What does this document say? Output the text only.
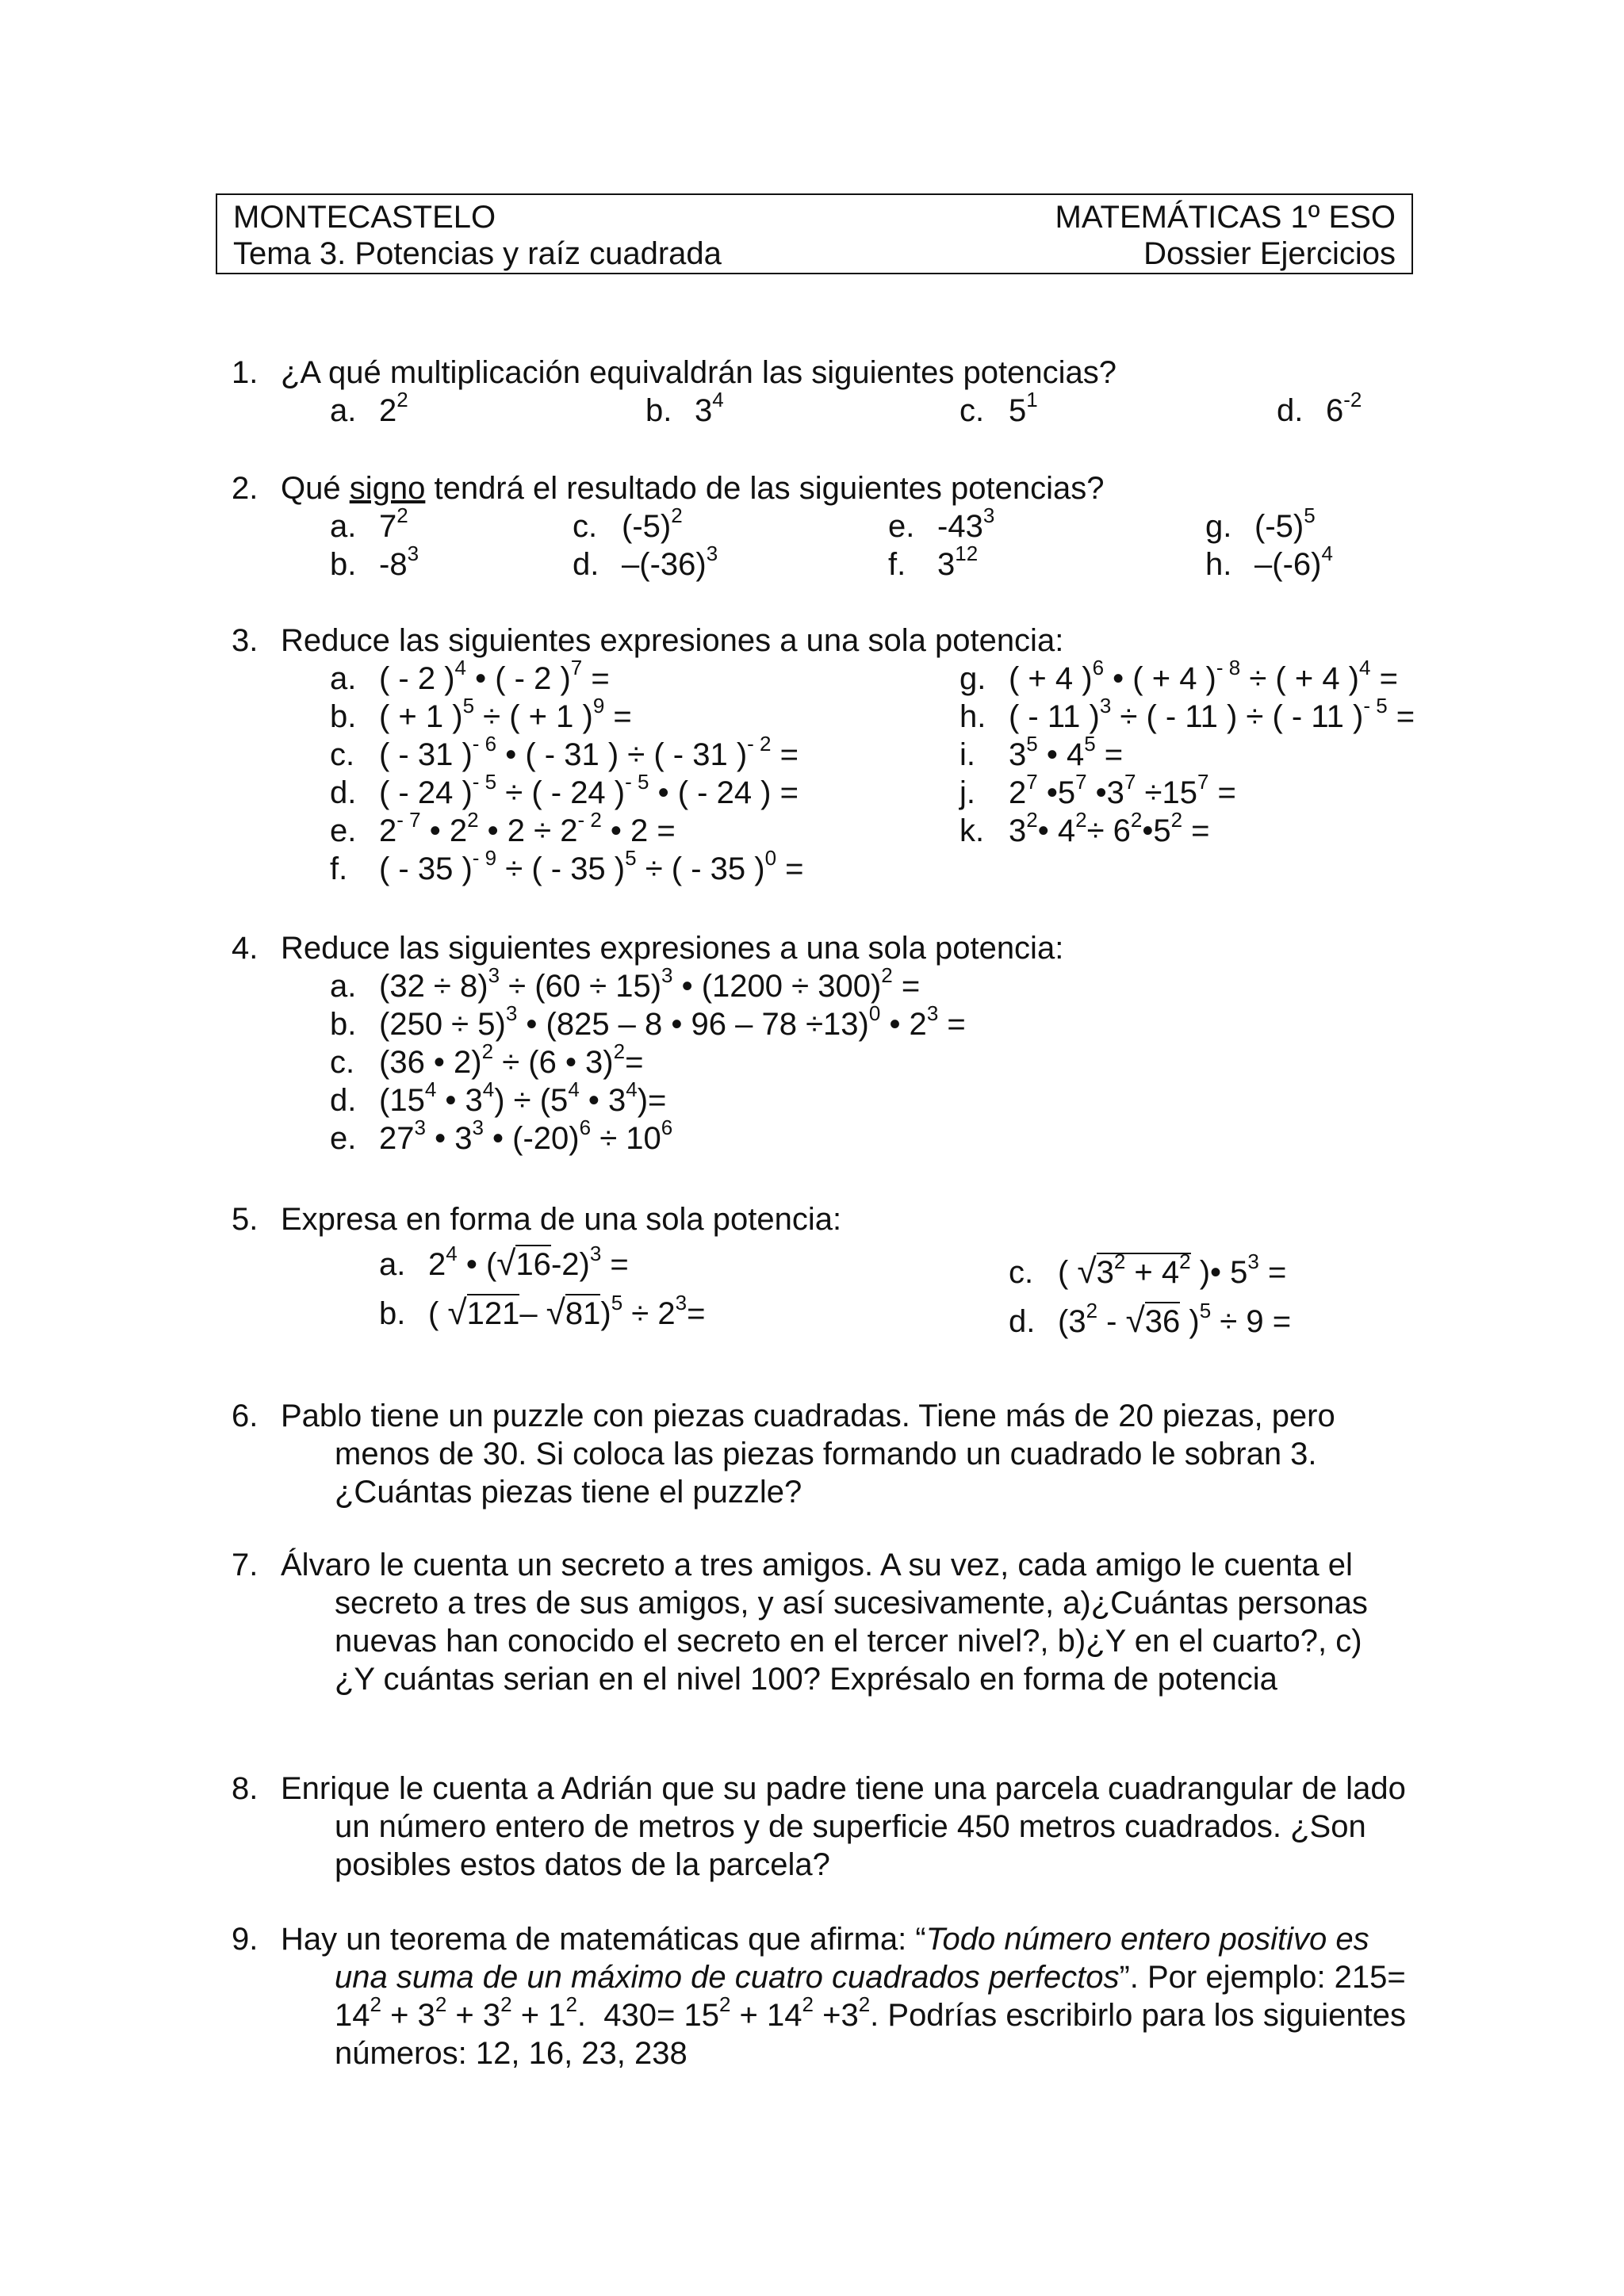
MONTECASTELO	MATEMÁTICAS 1º ESO
Tema 3. Potencias y raíz cuadrada	Dossier Ejercicios
1. ¿A qué multiplicación equivaldrán las siguientes potencias?
a. $2^2$	b. $3^4$	c. $5^1$	d. $6^{-2}$
2. Qué signo tendrá el resultado de las siguientes potencias?
a. $7^2$	c. $(-5)^2$	e. $-43^3$	g. $(-5)^5$
b. $-8^3$	d. $-(-36)^3$	f. $3^{12}$	h. $-(-6)^4$
3. Reduce las siguientes expresiones a una sola potencia:
a. ( - 2 )$^4$ • ( - 2 )$^7$ =
b. ( + 1 )$^5$ ÷ ( + 1 )$^9$ =
c. ( - 31 )$^{- 6}$ • ( - 31 ) ÷ ( - 31 )$^{- 2}$ =
d. ( - 24 )$^{- 5}$ ÷ ( - 24 )$^{- 5}$ • ( - 24 ) =
e. $2^{- 7}$ • $2^2$ • $2 \div 2^{- 2}$ • 2 =
f. ( - 35 )$^{- 9}$ ÷ ( - 35 )$^5$ ÷ ( - 35 )$^0$ =
g. ( + 4 )$^6$ • ( + 4 )$^{- 8}$ ÷ ( + 4 )$^4$ =
h. ( - 11 )$^3$ ÷ ( - 11 ) ÷ ( - 11 )$^{- 5}$ =
i. $3^5$ • $4^5$ =
j. $2^7$ $•5^7$ $•3^7 \div 15^7$ =
k. $3^2•$ $4^2\div$ $6^2•5^2$ =
4. Reduce las siguientes expresiones a una sola potencia:
a. $(32 \div 8)^3 \div (60 \div 15)^3$ • $(1200 \div 300)^2$ =
b. $(250 \div 5)^3$ • (825 – 8 • 96 – 78 ÷13)$^0$ • $2^3$ =
c. (36 • 2)$^2$ ÷ (6 • 3)$^2$=
d. ($15^4$ • $3^4) \div (5^4$ • $3^4)=$
e. $27^3$ • $3^3$ • $(-20)^6 \div 10^6$
5. Expresa en forma de una sola potencia:
a. $2^4$ • $(√16-2)^3$ =
b. ( √121– $√81)^5 \div 2^3=$
c. ( $√3^2 + 4^2$ )• $5^3$ =
d. ($3^2 - √36$ )$^5$ ÷ 9 =
6. Pablo tiene un puzzle con piezas cuadradas. Tiene más de 20 piezas, pero menos de 30. Si coloca las piezas formando un cuadrado le sobran 3. ¿Cuántas piezas tiene el puzzle?
7. Álvaro le cuenta un secreto a tres amigos. A su vez, cada amigo le cuenta el secreto a tres de sus amigos, y así sucesivamente, a)¿Cuántas personas nuevas han conocido el secreto en el tercer nivel?, b)¿Y en el cuarto?, c) ¿Y cuántas serian en el nivel 100? Exprésalo en forma de potencia
8. Enrique le cuenta a Adrián que su padre tiene una parcela cuadrangular de lado un número entero de metros y de superficie 450 metros cuadrados. ¿Son posibles estos datos de la parcela?
9. Hay un teorema de matemáticas que afirma: “Todo número entero positivo es una suma de un máximo de cuatro cuadrados perfectos”. Por ejemplo: $215= 14^2 + 3^2 + 3^2 + 1^2$.  $430= 15^2 + 14^2 +3^2$. Podrías escribirlo para los siguientes números: 12, 16, 23, 238
